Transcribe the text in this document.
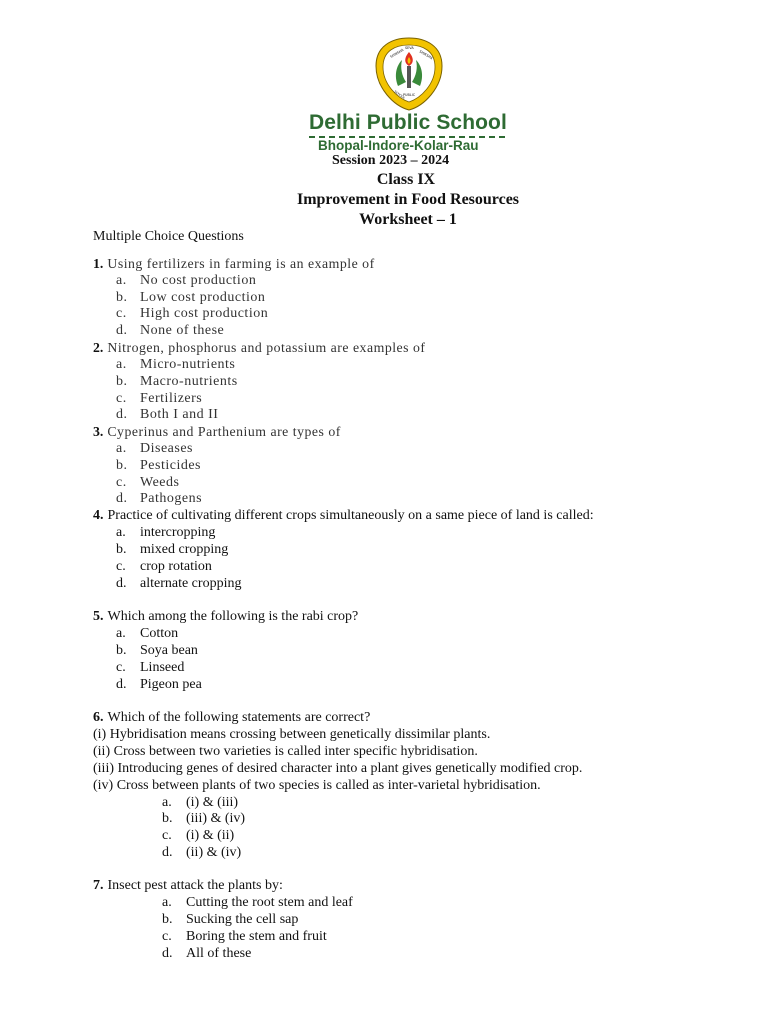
SHIKSHA SEVA
SHIKSHA
PUBLIC
SCHOOL
Delhi Public School
Bhopal-Indore-Kolar-Rau
Session 2023 – 2024
Class IX
Improvement in Food Resources
Worksheet – 1
Multiple Choice Questions
1. Using fertilizers in farming is an example of
a. No cost production
b. Low cost production
c. High cost production
d. None of these
2. Nitrogen, phosphorus and potassium are examples of
a. Micro-nutrients
b. Macro-nutrients
c. Fertilizers
d. Both I and II
3. Cyperinus and Parthenium are types of
a. Diseases
b. Pesticides
c. Weeds
d. Pathogens
4. Practice of cultivating different crops simultaneously on a same piece of land is called:
a. intercropping
b. mixed cropping
c. crop rotation
d. alternate cropping
5. Which among the following is the rabi crop?
a. Cotton
b. Soya bean
c. Linseed
d. Pigeon pea
6. Which of the following statements are correct?
(i) Hybridisation means crossing between genetically dissimilar plants.
(ii) Cross between two varieties is called inter specific hybridisation.
(iii) Introducing genes of desired character into a plant gives genetically modified crop.
(iv) Cross between plants of two species is called as inter-varietal hybridisation.
a. (i) & (iii)
b. (iii) & (iv)
c. (i) & (ii)
d. (ii) & (iv)
7. Insect pest attack the plants by:
a. Cutting the root stem and leaf
b. Sucking the cell sap
c. Boring the stem and fruit
d. All of these
